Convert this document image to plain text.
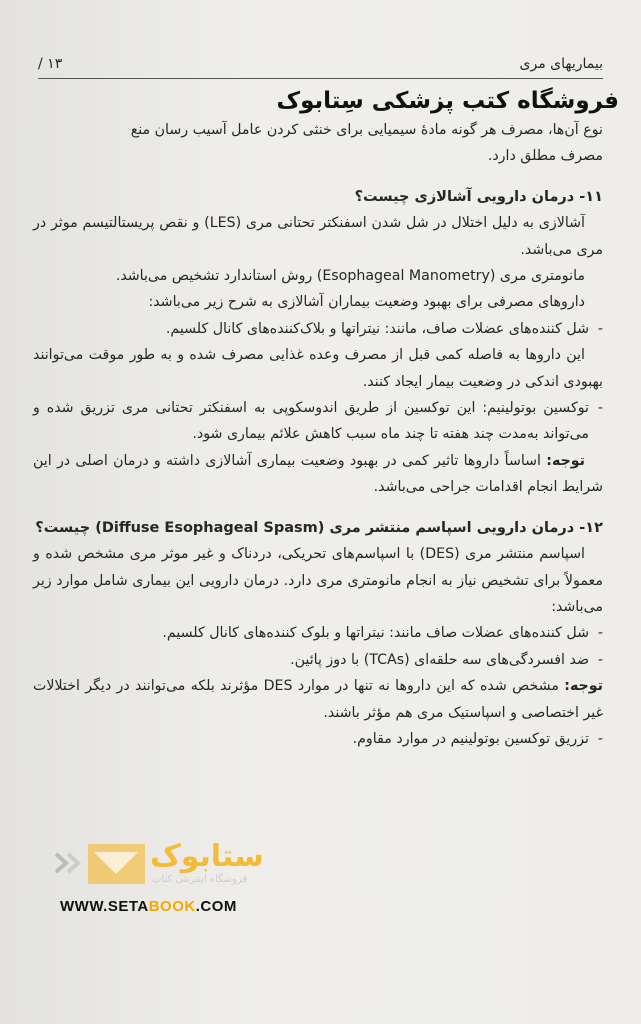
بیماریهای مری
/ ۱۳
فروشگاه کتب پزشکی سِتابوک

نوع آن‌ها، مصرف هر گونه مادهٔ سیمیایی برای خنثی کردن عامل آسیب رسان منع

مصرف مطلق دارد.

۱۱- درمان دارویی آشالازی چیست؟

آشالازی به دلیل اختلال در شل شدن اسفنکتر تحتانی مری (LES) و نقص پریستالتیسم موثر در مری می‌باشد.

مانومتری مری (Esophageal Manometry) روش استاندارد تشخیص می‌باشد.

داروهای مصرفی برای بهبود وضعیت بیماران آشالازی به شرح زیر می‌باشد:

- شل کننده‌های عضلات صاف، مانند: نیتراتها و بلاک‌کننده‌های کانال کلسیم.

این داروها به فاصله کمی قبل از مصرف وعده غذایی مصرف شده و به طور موقت می‌توانند بهبودی اندکی در وضعیت بیمار ایجاد کنند.

- توکسین بوتولینیم: این توکسین از طریق اندوسکوپی به اسفنکتر تحتانی مری تزریق شده و می‌تواند به‌مدت چند هفته تا چند ماه سبب کاهش علائم بیماری شود.

توجه: اساساً داروها تاثیر کمی در بهبود وضعیت بیماری آشالازی داشته و درمان اصلی در این شرایط انجام اقدامات جراحی می‌باشد.

۱۲- درمان دارویی اسپاسم منتشر مری (Diffuse Esophageal Spasm) چیست؟

اسپاسم منتشر مری (DES) با اسپاسم‌های تحریکی، دردناک و غیر موثر مری مشخص شده و معمولاً برای تشخیص نیاز به انجام مانومتری مری دارد. درمان دارویی این بیماری شامل موارد زیر می‌باشد:

- شل کننده‌های عضلات صاف مانند: نیتراتها و بلوک کننده‌های کانال کلسیم.

- ضد افسردگی‌های سه حلقه‌ای (TCAs) با دوز پائین.

توجه: مشخص شده که این داروها نه تنها در موارد DES مؤثرند بلکه می‌توانند در دیگر اختلالات غیر اختصاصی و اسپاستیک مری هم مؤثر باشند.

- تزریق توکسین بوتولینیم در موارد مقاوم.

ستابوک
فروشگاه اینترنتی کتاب
WWW.SETABOOK.COM
